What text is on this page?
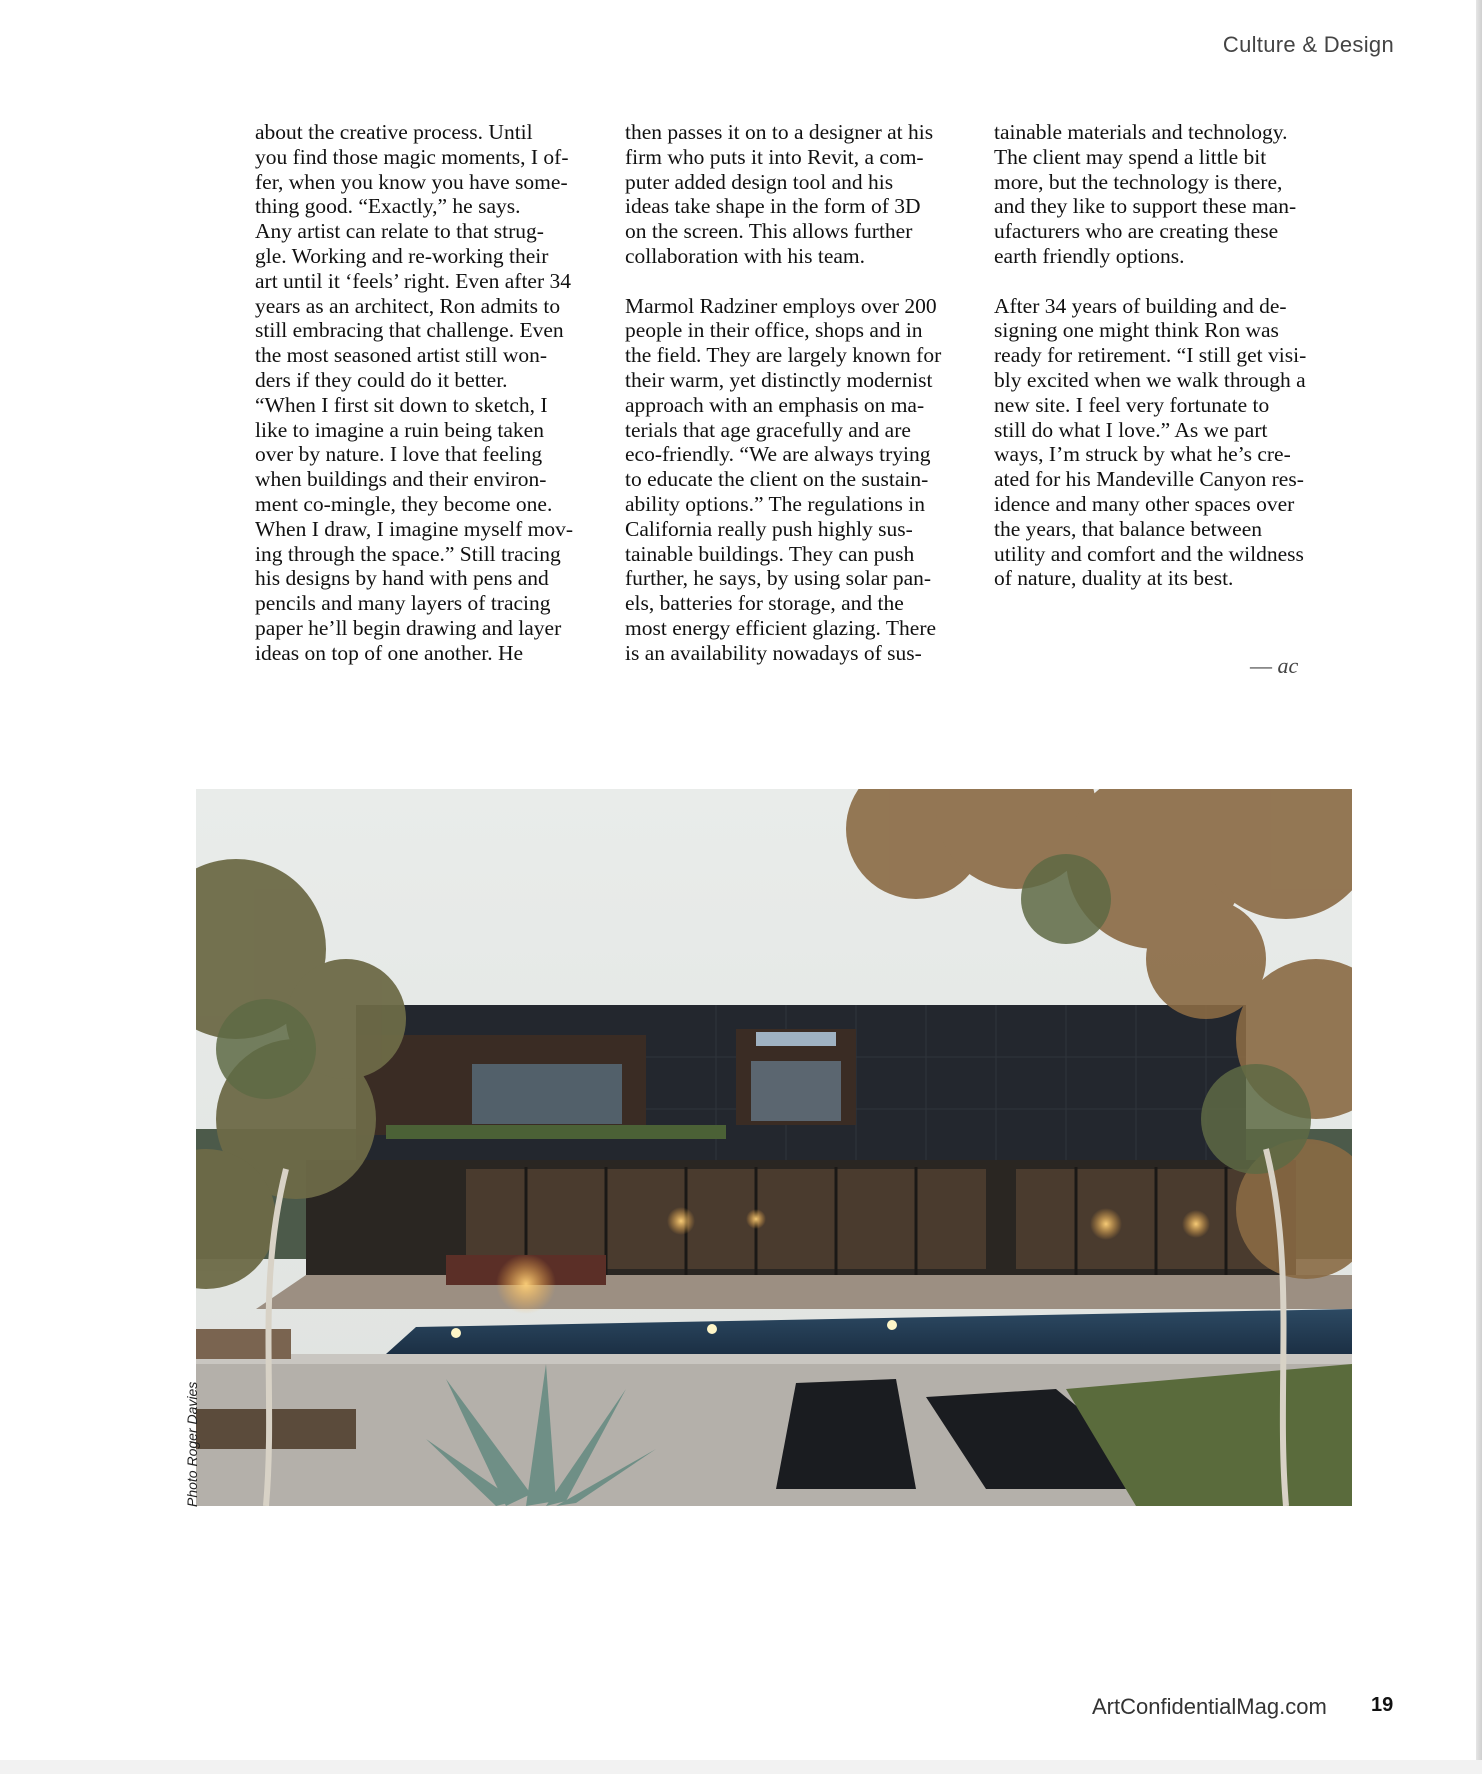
Culture & Design

about the creative process. Until
you find those magic moments, I of-
fer, when you know you have some-
thing good. “Exactly,” he says.
Any artist can relate to that strug-
gle. Working and re-working their
art until it ‘feels’ right. Even after 34
years as an architect, Ron admits to
still embracing that challenge. Even
the most seasoned artist still won-
ders if they could do it better.
“When I first sit down to sketch, I
like to imagine a ruin being taken
over by nature. I love that feeling
when buildings and their environ-
ment co-mingle, they become one.
When I draw, I imagine myself mov-
ing through the space.” Still tracing
his designs by hand with pens and
pencils and many layers of tracing
paper he’ll begin drawing and layer
ideas on top of one another. He

then passes it on to a designer at his
firm who puts it into Revit, a com-
puter added design tool and his
ideas take shape in the form of 3D
on the screen. This allows further
collaboration with his team.

Marmol Radziner employs over 200
people in their office, shops and in
the field. They are largely known for
their warm, yet distinctly modernist
approach with an emphasis on ma-
terials that age gracefully and are
eco-friendly. “We are always trying
to educate the client on the sustain-
ability options.” The regulations in
California really push highly sus-
tainable buildings. They can push
further, he says, by using solar pan-
els, batteries for storage, and the
most energy efficient glazing. There
is an availability nowadays of sus-

tainable materials and technology.
The client may spend a little bit
more, but the technology is there,
and they like to support these man-
ufacturers who are creating these
earth friendly options.

After 34 years of building and de-
signing one might think Ron was
ready for retirement. “I still get visi-
bly excited when we walk through a
new site. I feel very fortunate to
still do what I love.” As we part
ways, I’m struck by what he’s cre-
ated for his Mandeville Canyon res-
idence and many other spaces over
the years, that balance between
utility and comfort and the wildness
of nature, duality at its best.

— ac
Photo Roger Davies
ArtConfidentialMag.com 19
